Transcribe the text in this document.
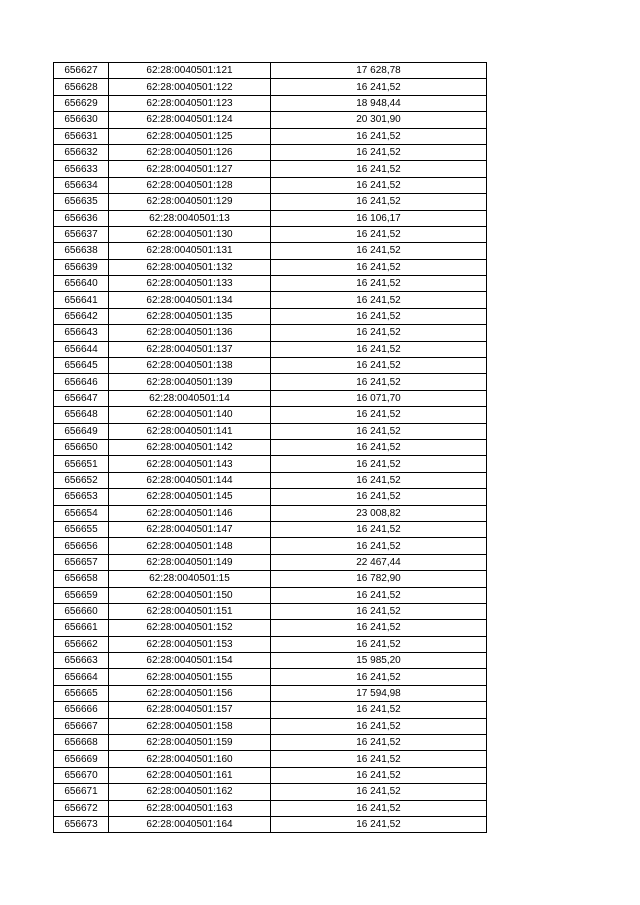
656627	62:28:0040501:121	17 628,78
656628	62:28:0040501:122	16 241,52
656629	62:28:0040501:123	18 948,44
656630	62:28:0040501:124	20 301,90
656631	62:28:0040501:125	16 241,52
656632	62:28:0040501:126	16 241,52
656633	62:28:0040501:127	16 241,52
656634	62:28:0040501:128	16 241,52
656635	62:28:0040501:129	16 241,52
656636	62:28:0040501:13	16 106,17
656637	62:28:0040501:130	16 241,52
656638	62:28:0040501:131	16 241,52
656639	62:28:0040501:132	16 241,52
656640	62:28:0040501:133	16 241,52
656641	62:28:0040501:134	16 241,52
656642	62:28:0040501:135	16 241,52
656643	62:28:0040501:136	16 241,52
656644	62:28:0040501:137	16 241,52
656645	62:28:0040501:138	16 241,52
656646	62:28:0040501:139	16 241,52
656647	62:28:0040501:14	16 071,70
656648	62:28:0040501:140	16 241,52
656649	62:28:0040501:141	16 241,52
656650	62:28:0040501:142	16 241,52
656651	62:28:0040501:143	16 241,52
656652	62:28:0040501:144	16 241,52
656653	62:28:0040501:145	16 241,52
656654	62:28:0040501:146	23 008,82
656655	62:28:0040501:147	16 241,52
656656	62:28:0040501:148	16 241,52
656657	62:28:0040501:149	22 467,44
656658	62:28:0040501:15	16 782,90
656659	62:28:0040501:150	16 241,52
656660	62:28:0040501:151	16 241,52
656661	62:28:0040501:152	16 241,52
656662	62:28:0040501:153	16 241,52
656663	62:28:0040501:154	15 985,20
656664	62:28:0040501:155	16 241,52
656665	62:28:0040501:156	17 594,98
656666	62:28:0040501:157	16 241,52
656667	62:28:0040501:158	16 241,52
656668	62:28:0040501:159	16 241,52
656669	62:28:0040501:160	16 241,52
656670	62:28:0040501:161	16 241,52
656671	62:28:0040501:162	16 241,52
656672	62:28:0040501:163	16 241,52
656673	62:28:0040501:164	16 241,52
